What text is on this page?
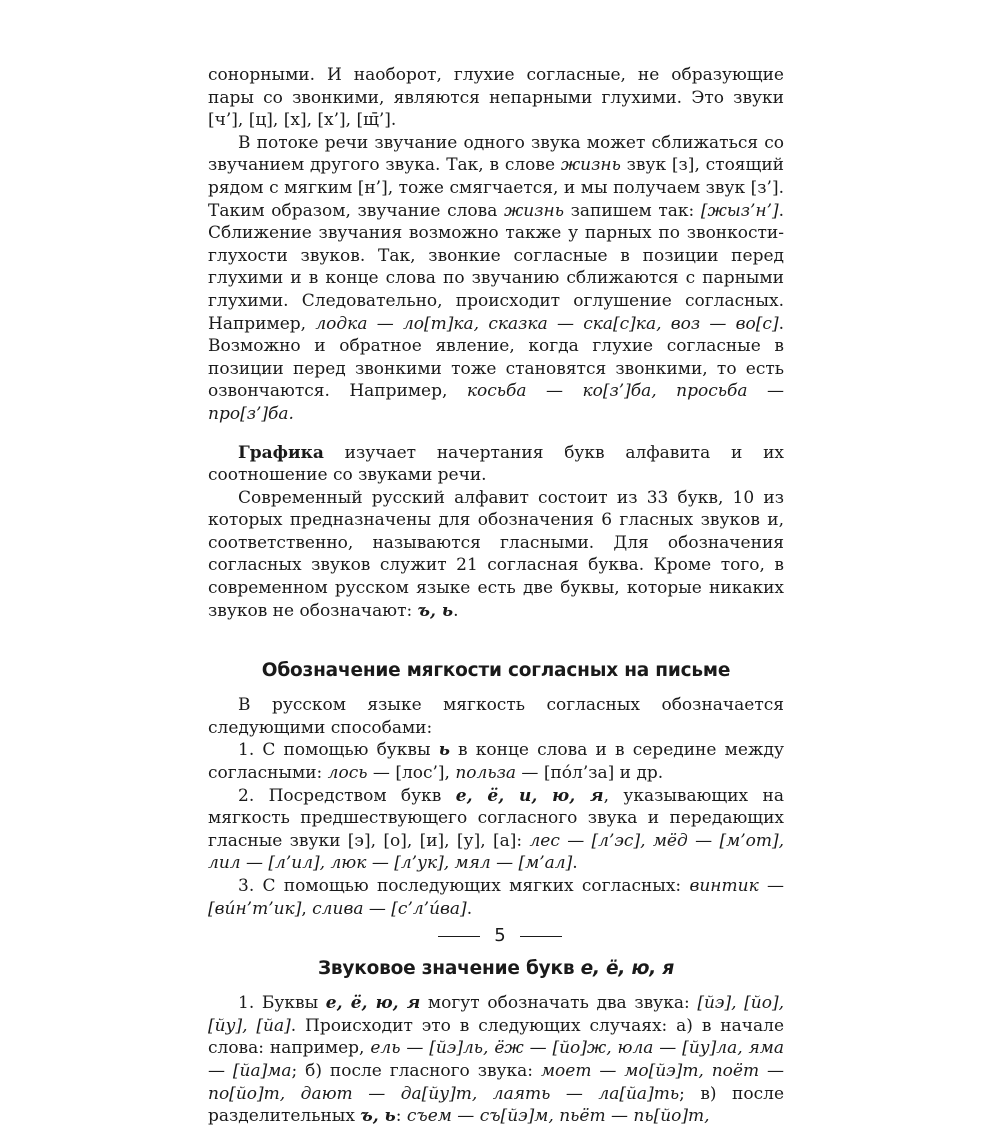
сонорными. И наоборот, глухие согласные, не образующие пары со звонкими, являются непарными глухими. Это звуки [ч’], [ц], [х], [х’], [щ̄’].

В потоке речи звучание одного звука может сближаться со звучанием другого звука. Так, в слове жизнь звук [з], стоящий рядом с мягким [н’], тоже смягчается, и мы получаем звук [з’]. Таким образом, звучание слова жизнь запишем так: [жыз’н’]. Сближение звучания возможно также у парных по звонкости-глухости звуков. Так, звонкие согласные в позиции перед глухими и в конце слова по звучанию сближаются с парными глухими. Следовательно, происходит оглушение согласных. Например, лодка — ло[т]ка, сказка — ска[с]ка, воз — во[с]. Возможно и обратное явление, когда глухие согласные в позиции перед звонкими тоже становятся звонкими, то есть озвончаются. Например, косьба — ко[з’]ба, просьба — про[з’]ба.

Графика изучает начертания букв алфавита и их соотношение со звуками речи.

Современный русский алфавит состоит из 33 букв, 10 из которых предназначены для обозначения 6 гласных звуков и, соответственно, называются гласными. Для обозначения согласных звуков служит 21 согласная буква. Кроме того, в современном русском языке есть две буквы, которые никаких звуков не обозначают: ъ, ь.

Обозначение мягкости согласных на письме

В русском языке мягкость согласных обозначается следующими способами:

1. С помощью буквы ь в конце слова и в середине между согласными: лось — [лос’], польза — [по́л’за] и др.

2. Посредством букв е, ё, и, ю, я, указывающих на мягкость предшествующего согласного звука и передающих гласные звуки [э], [о], [и], [у], [а]: лес — [л’эс], мёд — [м’от], лил — [л’ил], люк — [л’ук], мял — [м’ал].

3. С помощью последующих мягких согласных: винтик — [ви́н’т’ик], слива — [с’л’и́ва].

Звуковое значение букв е, ё, ю, я

1. Буквы е, ё, ю, я могут обозначать два звука: [йэ], [йо], [йу], [йа]. Происходит это в следующих случаях: а) в начале слова: например, ель — [йэ]ль, ёж — [йо]ж, юла — [йу]ла, яма — [йа]ма; б) после гласного звука: моет — мо[йэ]т, поёт — по[йо]т, дают — да[йу]т, лаять — ла[йа]ть; в) после разделительных ъ, ь: съем — съ[йэ]м, пьёт — пь[йо]т,

5
